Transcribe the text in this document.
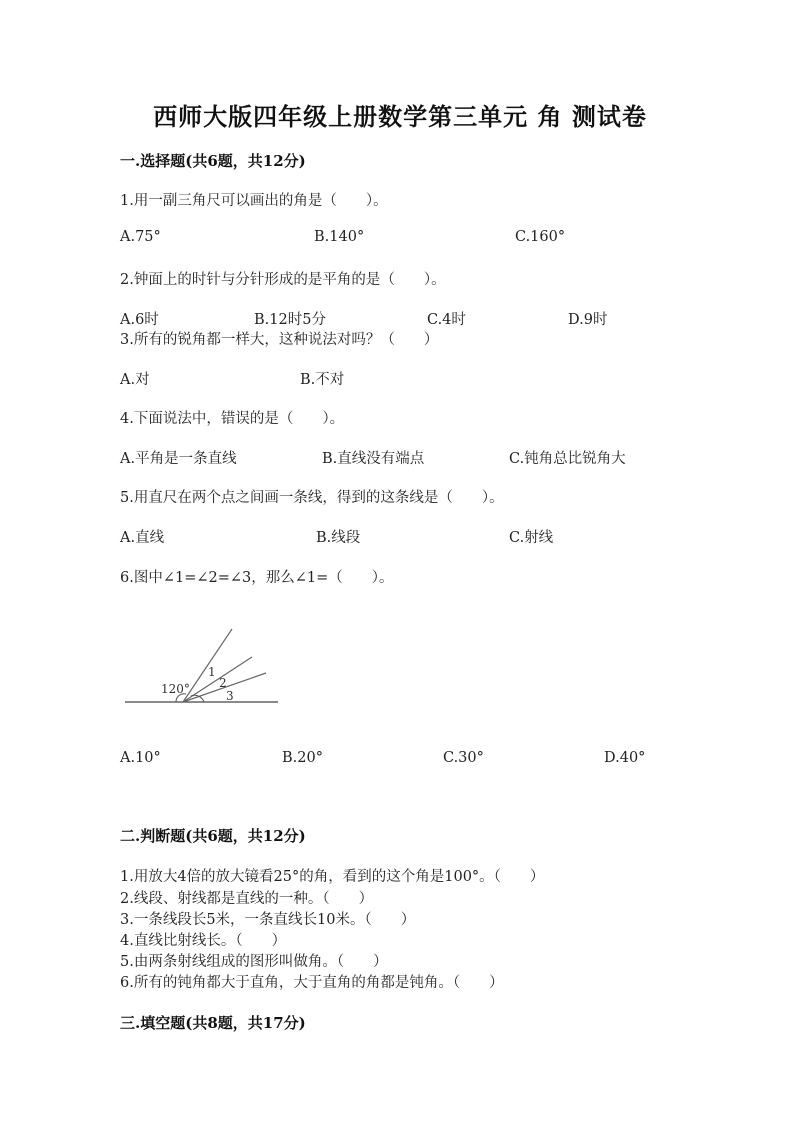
西师大版四年级上册数学第三单元 角 测试卷
一.选择题(共6题，共12分)
1.用一副三角尺可以画出的角是（　　）。
A.75°	B.140°	C.160°
2.钟面上的时针与分针形成的是平角的是（　　）。
A.6时	B.12时5分	C.4时	D.9时
3.所有的锐角都一样大，这种说法对吗？（　　）
A.对	B.不对
4.下面说法中，错误的是（　　）。
A.平角是一条直线	B.直线没有端点	C.钝角总比锐角大
5.用直尺在两个点之间画一条线，得到的这条线是（　　）。
A.直线	B.线段	C.射线
6.图中∠1=∠2=∠3，那么∠1=（　　）。
120°
1
2
3
A.10°	B.20°	C.30°	D.40°
二.判断题(共6题，共12分)
1.用放大4倍的放大镜看25°的角，看到的这个角是100°。（　　）
2.线段、射线都是直线的一种。（　　）
3.一条线段长5米，一条直线长10米。（　　）
4.直线比射线长。（　　）
5.由两条射线组成的图形叫做角。（　　）
6.所有的钝角都大于直角，大于直角的角都是钝角。（　　）
三.填空题(共8题，共17分)
